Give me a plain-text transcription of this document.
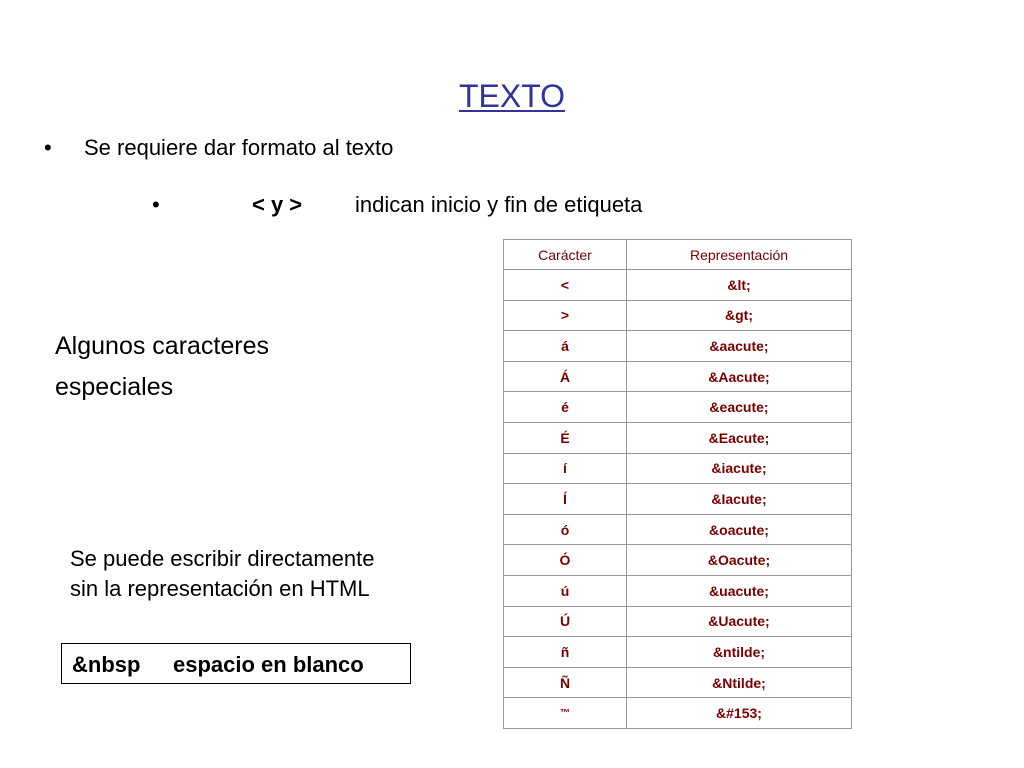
TEXTO
• Se requiere dar formato al texto
•	< y > indican inicio y fin de etiqueta
Algunos caracteres
especiales
Se puede escribir directamente
sin la representación en HTML
&nbsp espacio en blanco
Carácter	Representación
<	&lt;
>	&gt;
á	&aacute;
Á	&Aacute;
é	&eacute;
É	&Eacute;
í	&iacute;
Í	&Iacute;
ó	&oacute;
Ó	&Oacute;
ú	&uacute;
Ú	&Uacute;
ñ	&ntilde;
Ñ	&Ntilde;
™	&#153;
